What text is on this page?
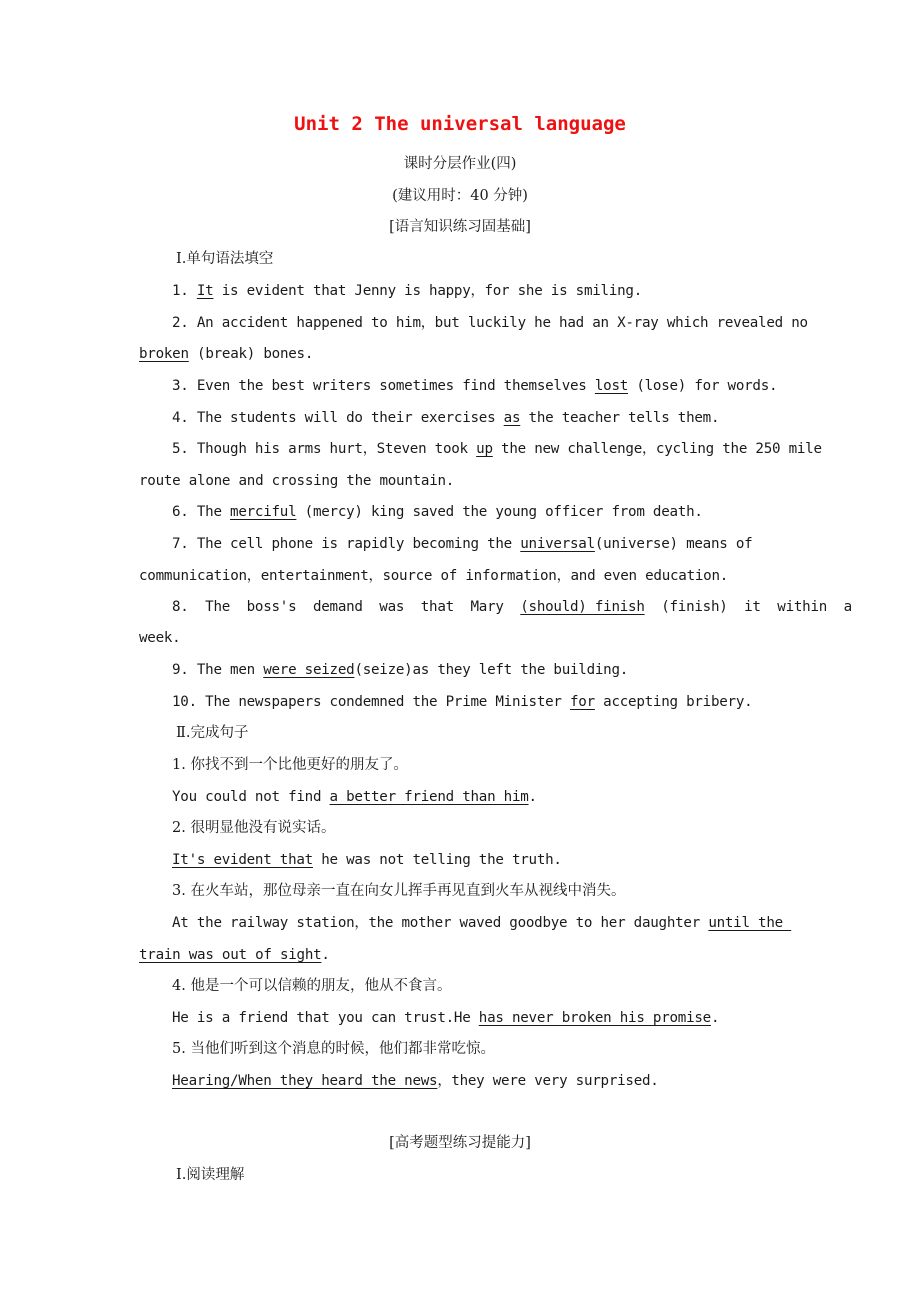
Unit 2 The universal language
课时分层作业(四)
(建议用时：40 分钟)
[语言知识练习固基础]
Ⅰ.单句语法填空
1. It is evident that Jenny is happy，for she is smiling.
2. An accident happened to him，but luckily he had an X-ray which revealed no
broken (break) bones.
3. Even the best writers sometimes find themselves lost (lose) for words.
4. The students will do their exercises as the teacher tells them.
5. Though his arms hurt，Steven took up the new challenge，cycling the 250 mile
route alone and crossing the mountain.
6. The merciful (mercy) king saved the young officer from death.
7. The cell phone is rapidly becoming the universal(universe) means of
communication，entertainment，source of information，and even education.
8.  The  boss's  demand  was  that  Mary  (should) finish  (finish)  it  within  a
week.
9. The men were seized(seize)as they left the building.
10. The newspapers condemned the Prime Minister for accepting bribery.
Ⅱ.完成句子
1. 你找不到一个比他更好的朋友了。
You could not find a better friend than him.
2. 很明显他没有说实话。
It's evident that he was not telling the truth.
3. 在火车站，那位母亲一直在向女儿挥手再见直到火车从视线中消失。
At the railway station，the mother waved goodbye to her daughter until the
train was out of sight.
4. 他是一个可以信赖的朋友，他从不食言。
He is a friend that you can trust.He has never broken his promise.
5. 当他们听到这个消息的时候，他们都非常吃惊。
Hearing/When they heard the news，they were very surprised.
[高考题型练习提能力]
Ⅰ.阅读理解
